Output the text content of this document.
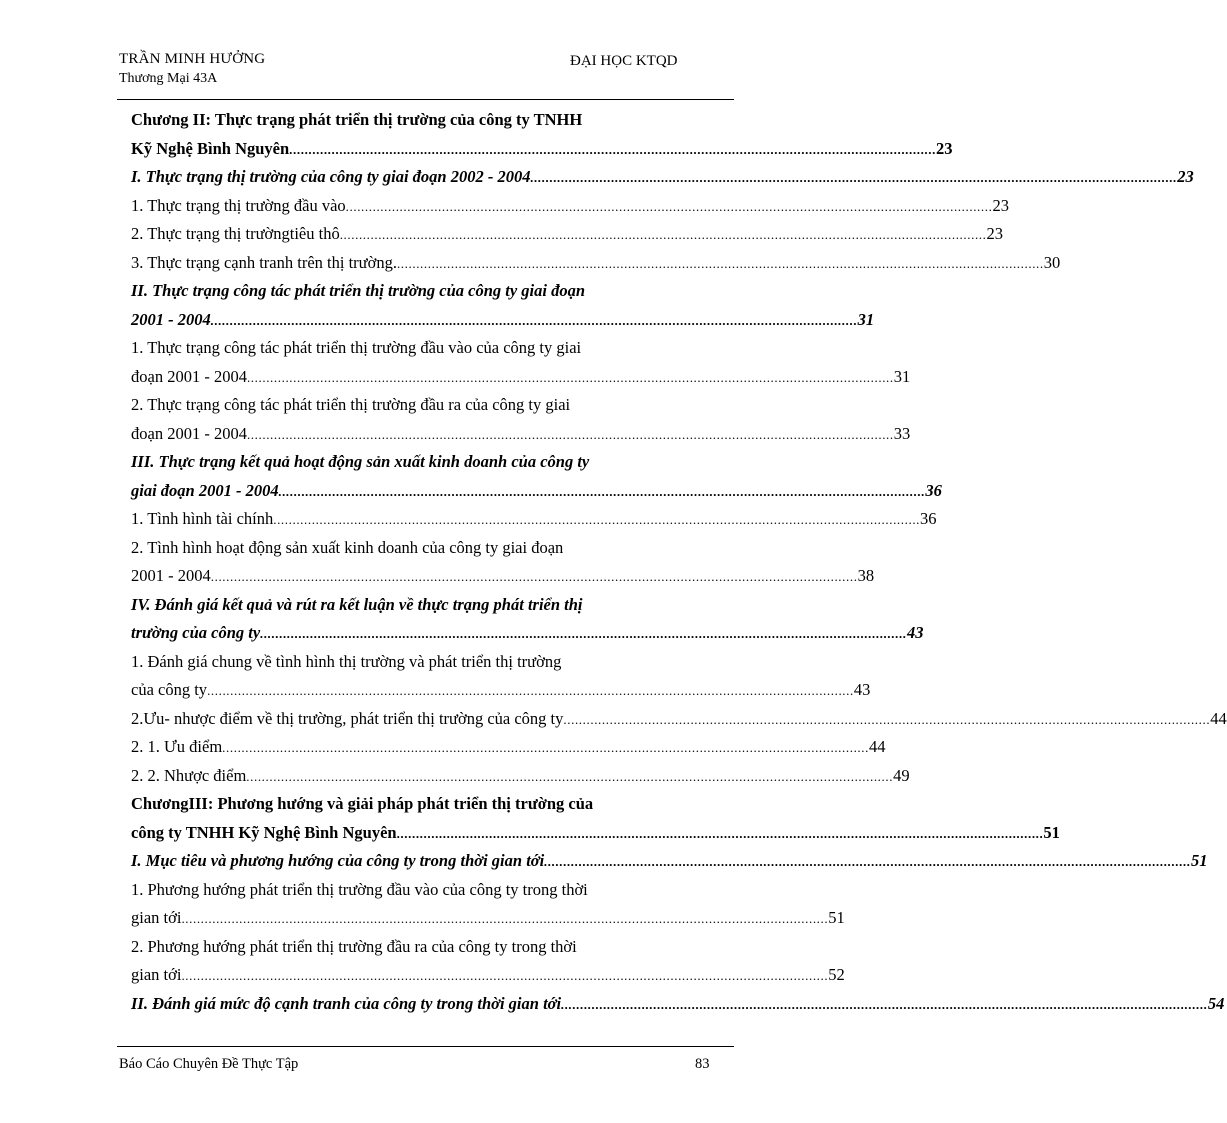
TRẦN MINH HƯỞNG
Thương Mại 43A
ĐẠI HỌC KTQD
Chương II: Thực trạng phát triển thị trường của công ty TNHH
Kỹ Nghệ Bình Nguyên ........................................................................................................................................................................ 23
I. Thực trạng thị trường của công ty giai đoạn 2002 - 2004 ........................................................................................................................................................................ 23
1. Thực trạng thị trường đầu vào ........................................................................................................................................................................ 23
2. Thực trạng thị trườngtiêu thô ........................................................................................................................................................................ 23
3. Thực trạng cạnh tranh trên thị trường. ........................................................................................................................................................................ 30
II. Thực trạng công tác phát triển thị trường của công ty giai đoạn
2001 - 2004 ........................................................................................................................................................................ 31
1. Thực trạng công tác phát triển thị trường đầu vào của công ty giai
đoạn 2001 - 2004 ........................................................................................................................................................................ 31
2. Thực trạng công tác phát triển thị trường đầu ra của công ty giai
đoạn 2001 - 2004 ........................................................................................................................................................................ 33
III. Thực trạng kết quả hoạt động sản xuất kinh doanh của công ty
giai đoạn 2001 - 2004 ........................................................................................................................................................................ 36
1. Tình hình tài chính ........................................................................................................................................................................ 36
2. Tình hình hoạt động sản xuất kinh doanh của công ty giai đoạn
2001 - 2004 ........................................................................................................................................................................ 38
IV. Đánh giá kết quả và rút ra kết luận về thực trạng phát triển thị
trường của công ty ........................................................................................................................................................................ 43
1. Đánh giá chung về tình hình thị trường và phát triển thị trường
của công ty ........................................................................................................................................................................ 43
2.Ưu- nhược điểm về thị trường, phát triển thị trường của công ty ........................................................................................................................................................................ 44
2. 1. Ưu điểm ........................................................................................................................................................................ 44
2. 2. Nhược điểm ........................................................................................................................................................................ 49
ChươngIII: Phương hướng và giải pháp phát triển thị trường của
công ty TNHH Kỹ Nghệ Bình Nguyên ........................................................................................................................................................................ 51
I. Mục tiêu và phương hướng của công ty trong thời gian tới ........................................................................................................................................................................ 51
1. Phương hướng phát triển thị trường đầu vào của công ty trong thời
gian tới ........................................................................................................................................................................ 51
2. Phương hướng phát triển thị trường đầu ra của công ty trong thời
gian tới ........................................................................................................................................................................ 52
II. Đánh giá mức độ cạnh tranh của công ty trong thời gian tới ........................................................................................................................................................................ 54
Báo Cáo Chuyên Đề Thực Tập	83
